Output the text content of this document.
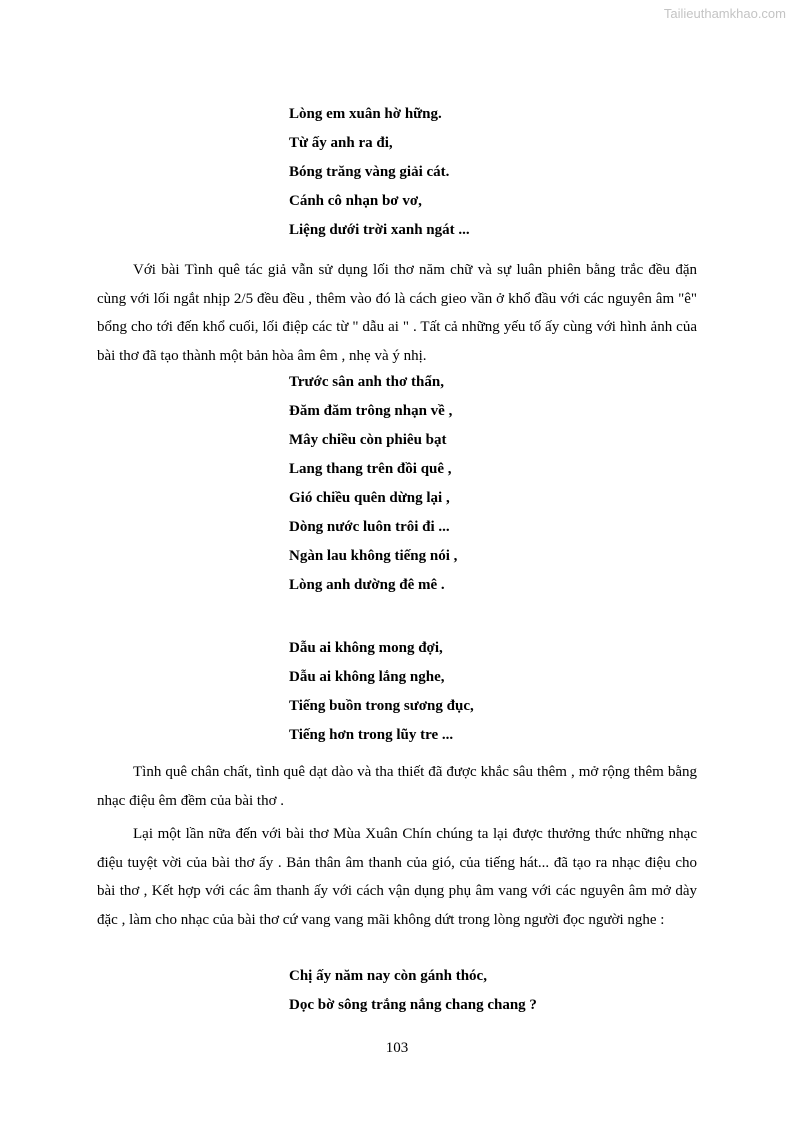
Tailieuthamkhao.com
Lòng em xuân hờ hững.
Từ ấy anh ra đi,
Bóng trăng vàng giải cát.
Cánh cô nhạn bơ vơ,
Liệng dưới trời xanh ngát ...

Với bài Tình quê tác giả vẫn sử dụng lối thơ năm chữ và sự luân phiên bằng trắc đều đặn cùng với lối ngắt nhịp 2/5 đều đều , thêm vào đó là cách gieo vần ở khổ đầu với các nguyên âm "ê" bổng cho tới đến khổ cuối, lối điệp các từ " dẫu ai " . Tất cả những yếu tố ấy cùng với hình ảnh của bài thơ đã tạo thành một bản hòa âm êm , nhẹ và ý nhị.

Trước sân anh thơ thẩn,
Đăm đăm trông nhạn về ,
Mây chiều còn phiêu bạt
Lang thang trên đồi quê ,
Gió chiều quên dừng lại ,
Dòng nước luôn trôi đi ...
Ngàn lau không tiếng nói ,
Lòng anh dường đê mê .
Dẫu ai không mong đợi,
Dẫu ai không lắng nghe,
Tiếng buồn trong sương đục,
Tiếng hơn trong lũy tre ...

Tình quê chân chất, tình quê dạt dào và tha thiết đã được khắc sâu thêm , mở rộng thêm bằng nhạc điệu êm đềm của bài thơ .

Lại một lần nữa đến với bài thơ Mùa Xuân Chín chúng ta lại được thưởng thức những nhạc điệu tuyệt vời của bài thơ ấy . Bản thân âm thanh của gió, của tiếng hát... đã tạo ra nhạc điệu cho bài thơ , Kết hợp với các âm thanh ấy với cách vận dụng phụ âm vang với các nguyên âm mở dày đặc , làm cho nhạc của bài thơ cứ vang vang mãi không dứt trong lòng người đọc người nghe :

Chị ấy năm nay còn gánh thóc,
Dọc bờ sông trắng nắng chang chang ?
103
